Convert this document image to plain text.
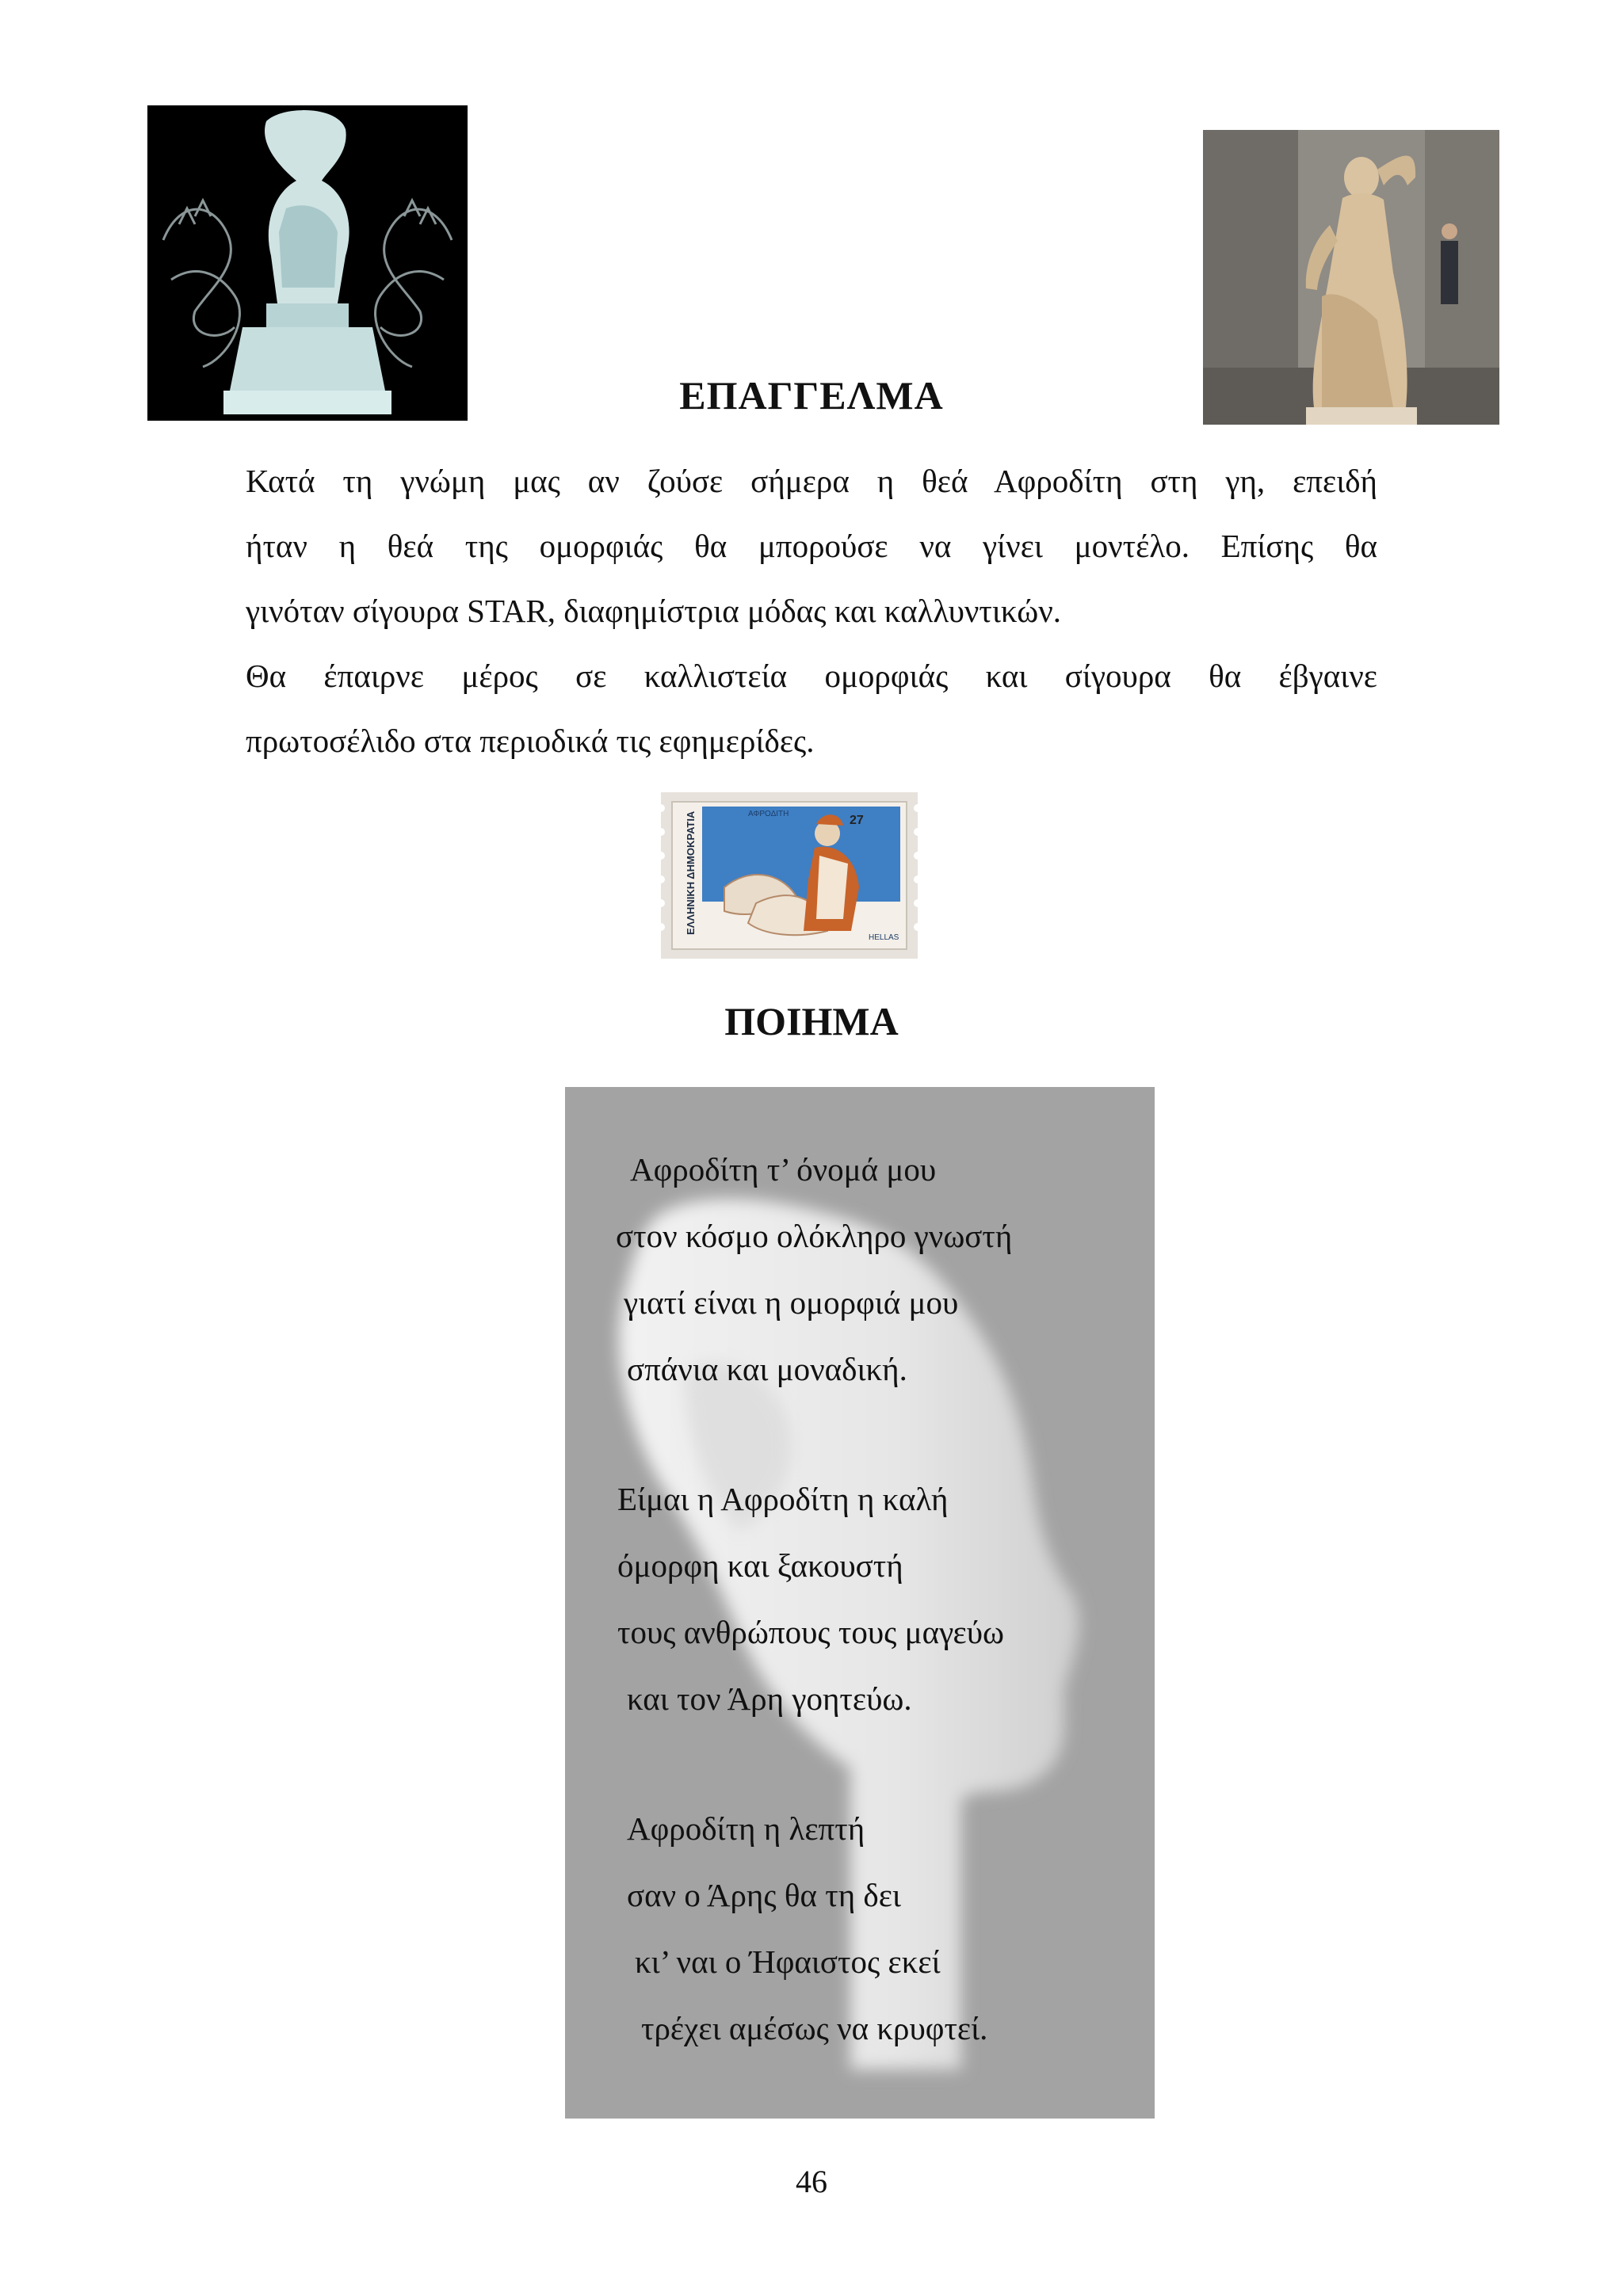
ΕΠΑΓΓΕΛΜΑ
Κατά τη γνώμη μας αν ζούσε σήμερα η θεά Αφροδίτη στη γη, επειδή
ήταν η θεά της ομορφιάς θα μπορούσε να γίνει μοντέλο. Επίσης θα
γινόταν σίγουρα STAR, διαφημίστρια μόδας και καλλυντικών.
Θα έπαιρνε μέρος σε καλλιστεία ομορφιάς και σίγουρα θα έβγαινε
πρωτοσέλιδο στα περιοδικά τις εφημερίδες.
27
ΑΦΡΟΔΙΤΗ
ΕΛΛΗΝΙΚΗ ΔΗΜΟΚΡΑΤΙΑ
HELLAS
ΠΟΙΗΜΑ
Αφροδίτη τ’ όνομά μου
στον κόσμο ολόκληρο γνωστή
γιατί είναι η ομορφιά μου
σπάνια και μοναδική.
Είμαι η Αφροδίτη η καλή
όμορφη και ξακουστή
τους ανθρώπους τους μαγεύω
και τον Άρη γοητεύω.
Αφροδίτη η λεπτή
σαν ο Άρης θα τη δει
κι’ ναι ο Ήφαιστος εκεί
τρέχει αμέσως να κρυφτεί.
46
